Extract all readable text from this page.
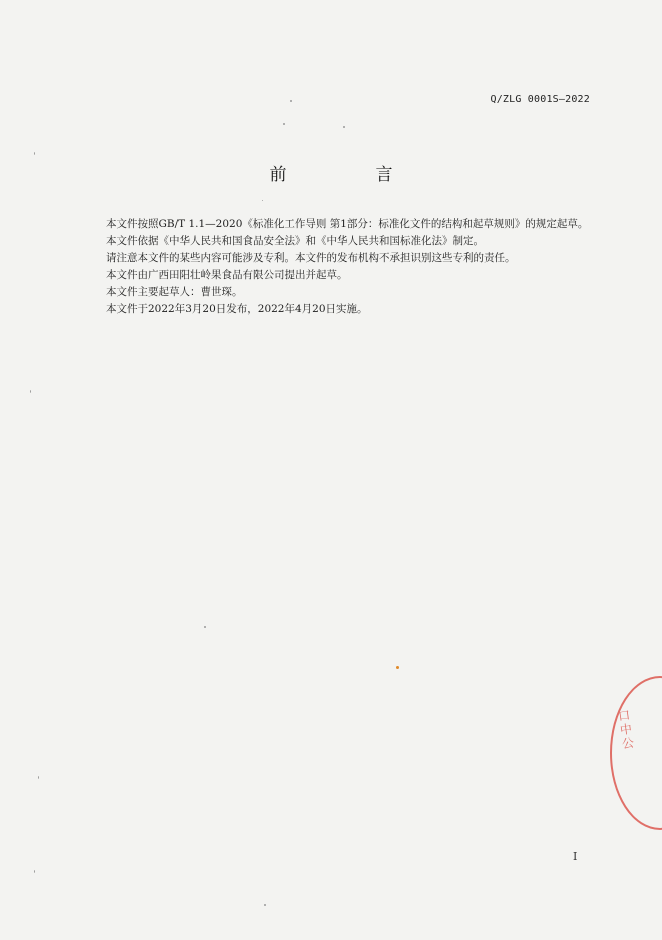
Q/ZLG 0001S—2022
前　言

本文件按照GB/T 1.1—2020《标准化工作导则 第1部分：标准化文件的结构和起草规则》的规定起草。

本文件依据《中华人民共和国食品安全法》和《中华人民共和国标准化法》制定。

请注意本文件的某些内容可能涉及专利。本文件的发布机构不承担识别这些专利的责任。

本文件由广西田阳壮岭果食品有限公司提出并起草。

本文件主要起草人：曹世琛。

本文件于2022年3月20日发布，2022年4月20日实施。

口中公
I
